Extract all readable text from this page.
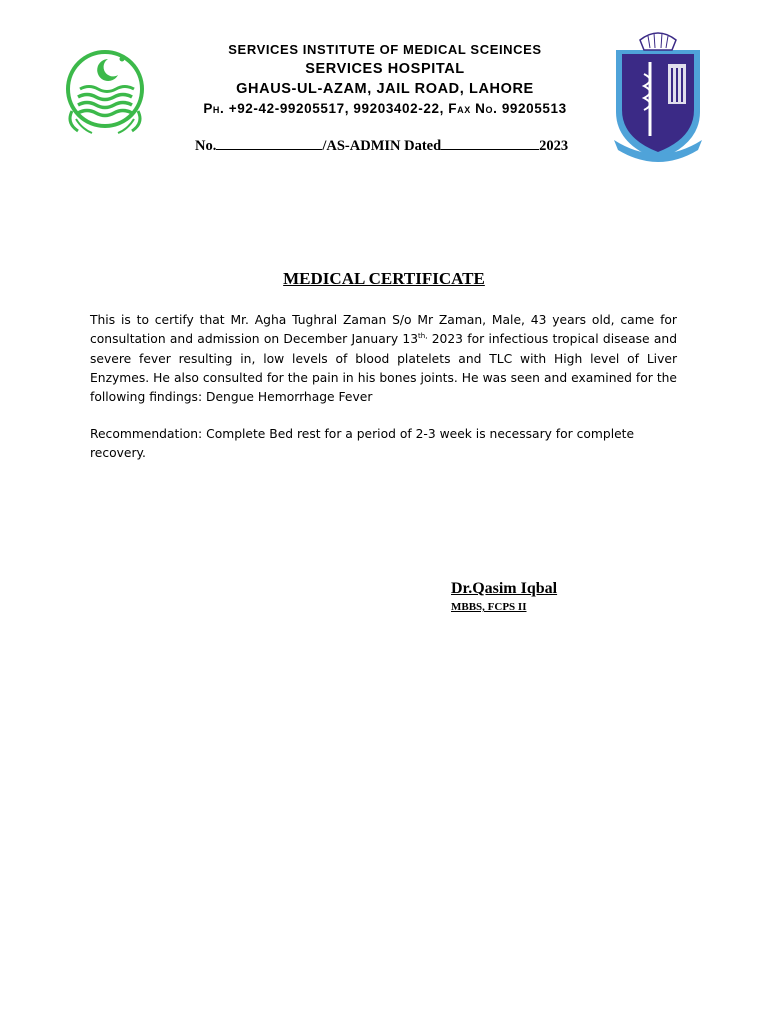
SERVICES INSTITUTE OF MEDICAL SCEINCES
SERVICES HOSPITAL
GHAUS-UL-AZAM, JAIL ROAD, LAHORE
Ph. +92-42-99205517, 99203402-22, Fax No. 99205513
No.	/AS-ADMIN Dated	2023
MEDICAL CERTIFICATE
This is to certify that Mr. Agha Tughral Zaman S/o Mr Zaman, Male, 43 years old, came for consultation and admission on December January $13^{th,}$ 2023 for infectious tropical disease and severe fever resulting in, low levels of blood platelets and TLC with High level of Liver Enzymes. He also consulted for the pain in his bones joints. He was seen and examined for the following findings: Dengue Hemorrhage Fever
Recommendation: Complete Bed rest for a period of 2-3 week is necessary for complete recovery.
Dr.Qasim Iqbal
MBBS, FCPS II
